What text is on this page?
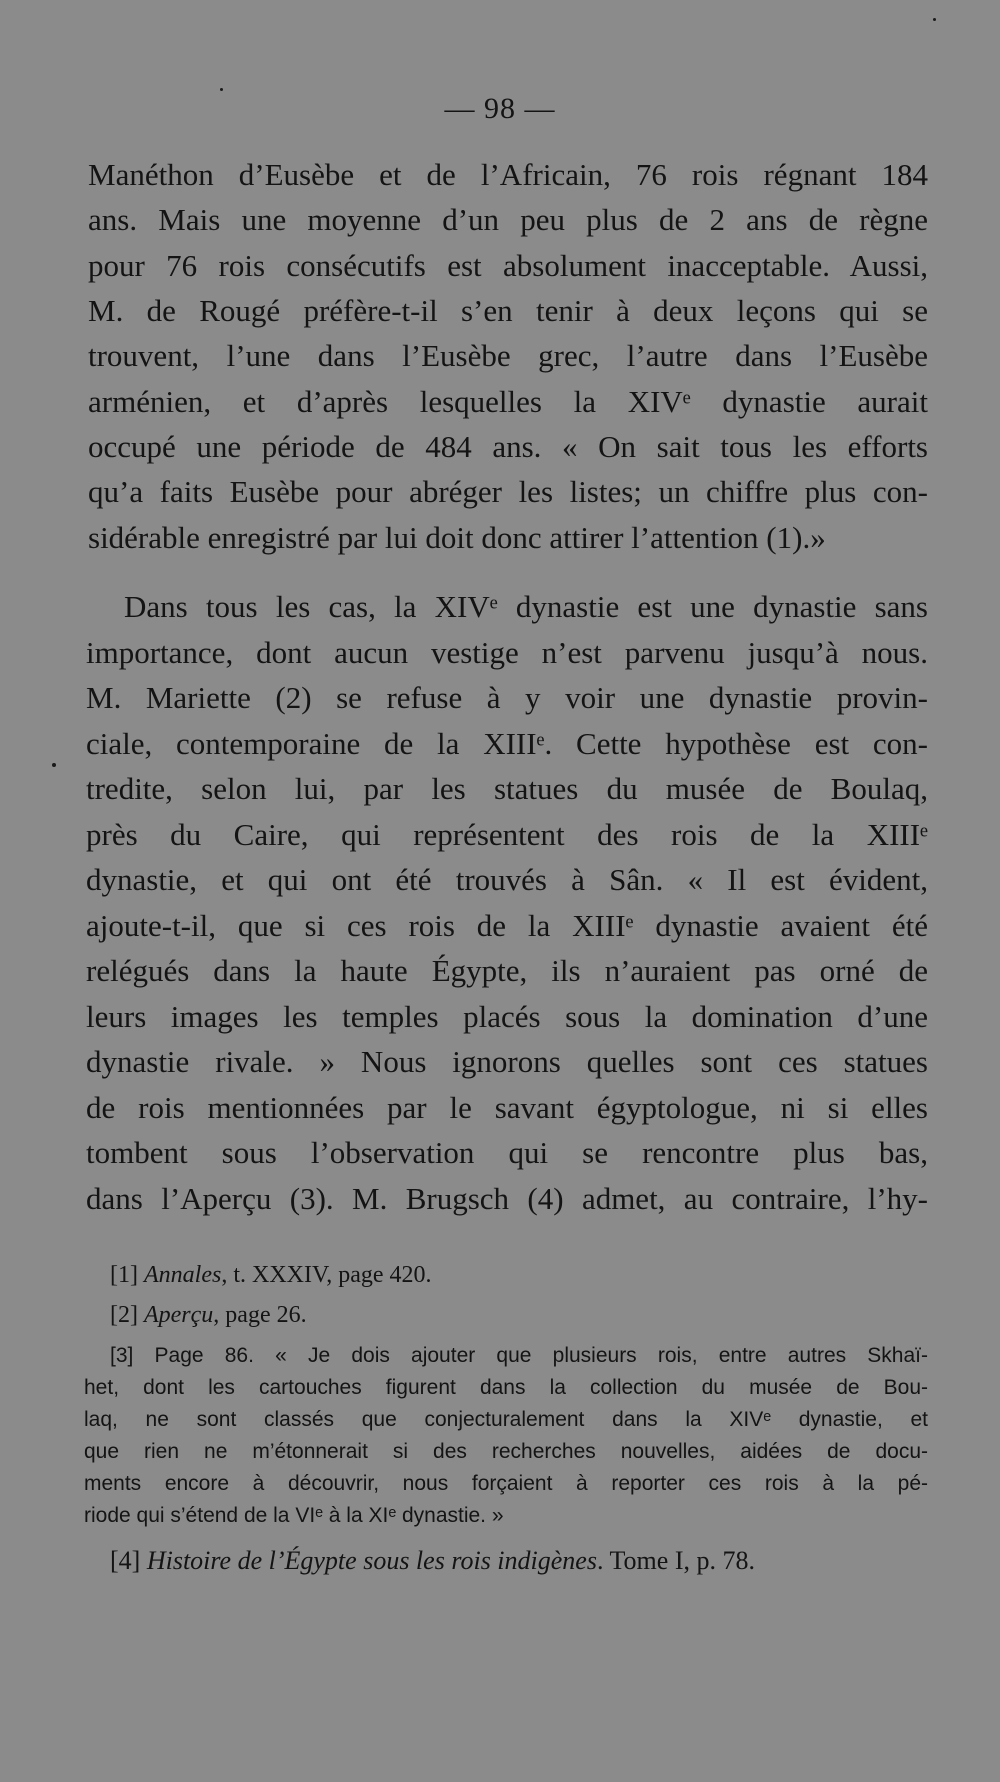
— 98 —
Manéthon d’Eusèbe et de l’Africain, 76 rois régnant 184
ans. Mais une moyenne d’un peu plus de 2 ans de règne
pour 76 rois consécutifs est absolument inacceptable. Aussi,
M. de Rougé préfère-t-il s’en tenir à deux leçons qui se
trouvent, l’une dans l’Eusèbe grec, l’autre dans l’Eusèbe
arménien, et d’après lesquelles la XIVᵉ dynastie aurait
occupé une période de 484 ans. « On sait tous les efforts
qu’a faits Eusèbe pour abréger les listes; un chiffre plus con-
sidérable enregistré par lui doit donc attirer l’attention (1).»
Dans tous les cas, la XIVᵉ dynastie est une dynastie sans
importance, dont aucun vestige n’est parvenu jusqu’à nous.
M. Mariette (2) se refuse à y voir une dynastie provin-
ciale, contemporaine de la XIIIᵉ. Cette hypothèse est con-
tredite, selon lui, par les statues du musée de Boulaq,
près du Caire, qui représentent des rois de la XIIIᵉ
dynastie, et qui ont été trouvés à Sân. « Il est évident,
ajoute-t-il, que si ces rois de la XIIIᵉ dynastie avaient été
relégués dans la haute Égypte, ils n’auraient pas orné de
leurs images les temples placés sous la domination d’une
dynastie rivale. » Nous ignorons quelles sont ces statues
de rois mentionnées par le savant égyptologue, ni si elles
tombent sous l’observation qui se rencontre plus bas,
dans l’Aperçu (3). M. Brugsch (4) admet, au contraire, l’hy-
[1] Annales, t. XXXIV, page 420.
[2] Aperçu, page 26.
[3] Page 86. « Je dois ajouter que plusieurs rois, entre autres Skhaï-
het, dont les cartouches figurent dans la collection du musée de Bou-
laq, ne sont classés que conjecturalement dans la XIVᵉ dynastie, et
que rien ne m’étonnerait si des recherches nouvelles, aidées de docu-
ments encore à découvrir, nous forçaient à reporter ces rois à la pé-
riode qui s’étend de la VIᵉ à la XIᵉ dynastie. »
[4] Histoire de l’Égypte sous les rois indigènes. Tome I, p. 78.
